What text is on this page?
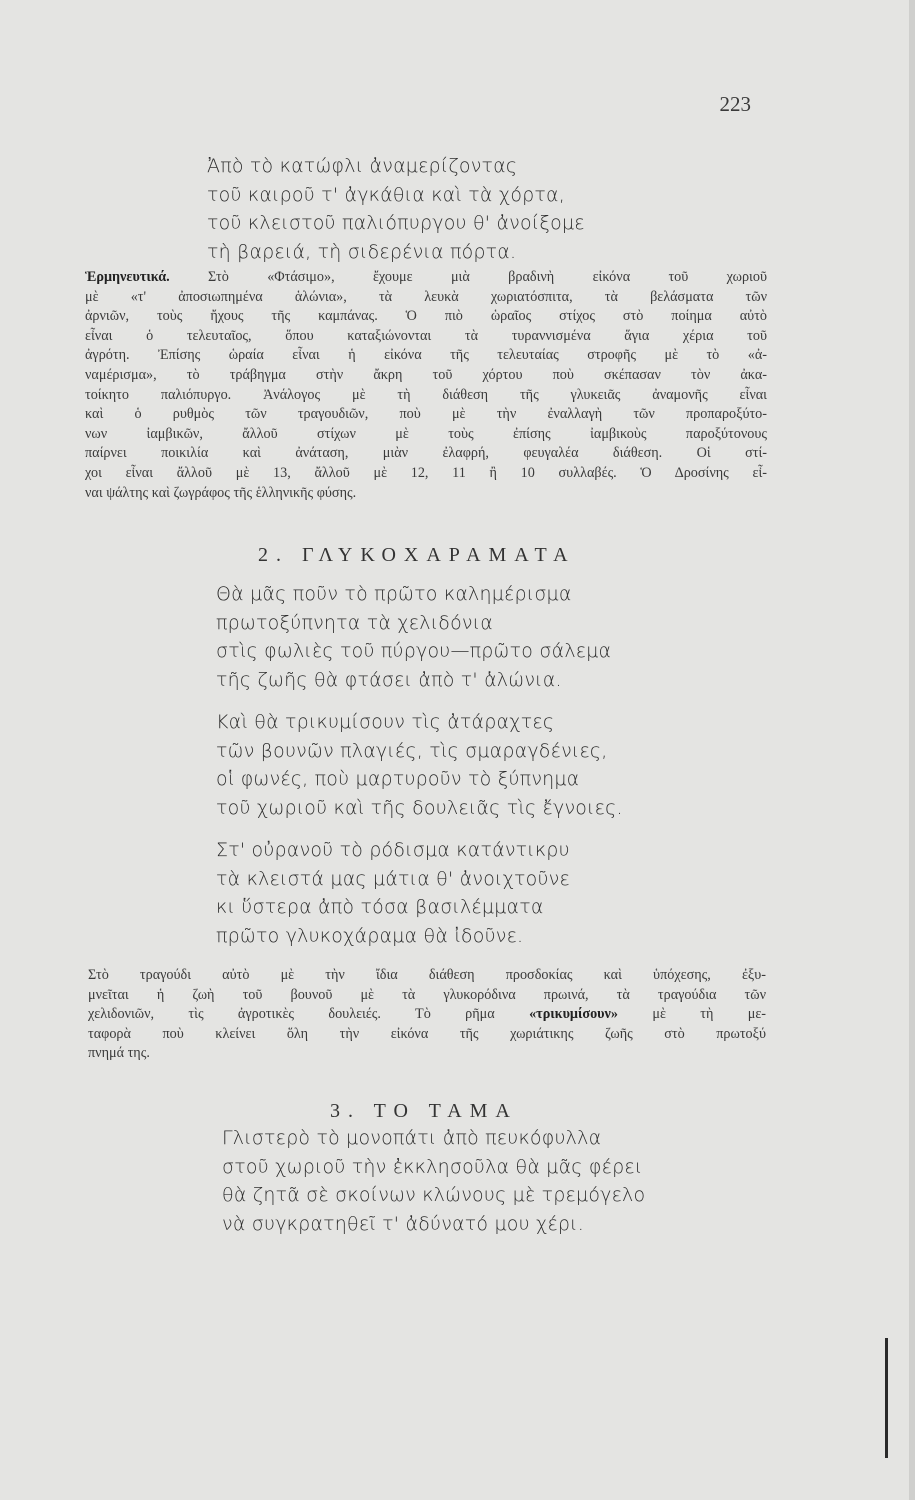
223
Ἀπὸ τὸ κατώφλι ἀναμερίζοντας
τοῦ καιροῦ τ' ἀγκάθια καὶ τὰ χόρτα,
τοῦ κλειστοῦ παλιόπυργου θ' ἀνοίξομε
τὴ βαρειά, τὴ σιδερένια πόρτα.
Ἑρμηνευτικά. Στὸ «Φτάσιμο», ἔχουμε μιὰ βραδινὴ εἰκόνα τοῦ χωριοῦ
μὲ «τ' ἀποσιωπημένα ἁλώνια», τὰ λευκὰ χωριατόσπιτα, τὰ βελάσματα τῶν
ἀρνιῶν, τοὺς ἤχους τῆς καμπάνας. Ὁ πιὸ ὡραῖος στίχος στὸ ποίημα αὐτὸ
εἶναι ὁ τελευταῖος, ὅπου καταξιώνονται τὰ τυραννισμένα ἅγια χέρια τοῦ
ἀγρότη. Ἐπίσης ὡραία εἶναι ἡ εἰκόνα τῆς τελευταίας στροφῆς μὲ τὸ «ἀ-
ναμέρισμα», τὸ τράβηγμα στὴν ἄκρη τοῦ χόρτου ποὺ σκέπασαν τὸν ἀκα-
τοίκητο παλιόπυργο. Ἀνάλογος μὲ τὴ διάθεση τῆς γλυκειᾶς ἀναμονῆς εἶναι
καὶ ὁ ρυθμὸς τῶν τραγουδιῶν, ποὺ μὲ τὴν ἐναλλαγὴ τῶν προπαροξύτο-
νων ἰαμβικῶν, ἄλλοῦ στίχων μὲ τοὺς ἐπίσης ἰαμβικοὺς παροξύτονους
παίρνει ποικιλία καὶ ἀνάταση, μιὰν ἐλαφρή, φευγαλέα διάθεση. Οἱ στί-
χοι εἶναι ἄλλοῦ μὲ 13, ἄλλοῦ μὲ 12, 11 ἢ 10 συλλαβές. Ὁ Δροσίνης εἶ-
ναι ψάλτης καὶ ζωγράφος τῆς ἑλληνικῆς φύσης.
2. ΓΛΥΚΟΧΑΡΑΜΑΤΑ
Θὰ μᾶς ποῦν τὸ πρῶτο καλημέρισμα
πρωτοξύπνητα τὰ χελιδόνια
στὶς φωλιὲς τοῦ πύργου—πρῶτο σάλεμα
τῆς ζωῆς θὰ φτάσει ἀπὸ τ' ἁλώνια.
Καὶ θὰ τρικυμίσουν τὶς ἀτάραχτες
τῶν βουνῶν πλαγιές, τὶς σμαραγδένιες,
οἱ φωνές, ποὺ μαρτυροῦν τὸ ξύπνημα
τοῦ χωριοῦ καὶ τῆς δουλειᾶς τὶς ἔγνοιες.
Στ' οὐρανοῦ τὸ ρόδισμα κατάντικρυ
τὰ κλειστά μας μάτια θ' ἀνοιχτοῦνε
κι ὕστερα ἀπὸ τόσα βασιλέμματα
πρῶτο γλυκοχάραμα θὰ ἰδοῦνε.
Στὸ τραγούδι αὐτὸ μὲ τὴν ἴδια διάθεση προσδοκίας καὶ ὑπόχεσης, ἐξυ-
μνεῖται ἡ ζωὴ τοῦ βουνοῦ μὲ τὰ γλυκορόδινα πρωινά, τὰ τραγούδια τῶν
χελιδονιῶν, τὶς ἀγροτικὲς δουλειές. Τὸ ρῆμα «τρικυμίσουν» μὲ τὴ με-
ταφορὰ ποὺ κλείνει ὅλη τὴν εἰκόνα τῆς χωριάτικης ζωῆς στὸ πρωτοξύ
πνημά της.
3. ΤΟ ΤΑΜΑ
Γλιστερὸ τὸ μονοπάτι ἀπὸ πευκόφυλλα
στοῦ χωριοῦ τὴν ἐκκλησοῦλα θὰ μᾶς φέρει
θὰ ζητᾶ σὲ σκοίνων κλώνους μὲ τρεμόγελο
νὰ συγκρατηθεῖ τ' ἀδύνατό μου χέρι.
